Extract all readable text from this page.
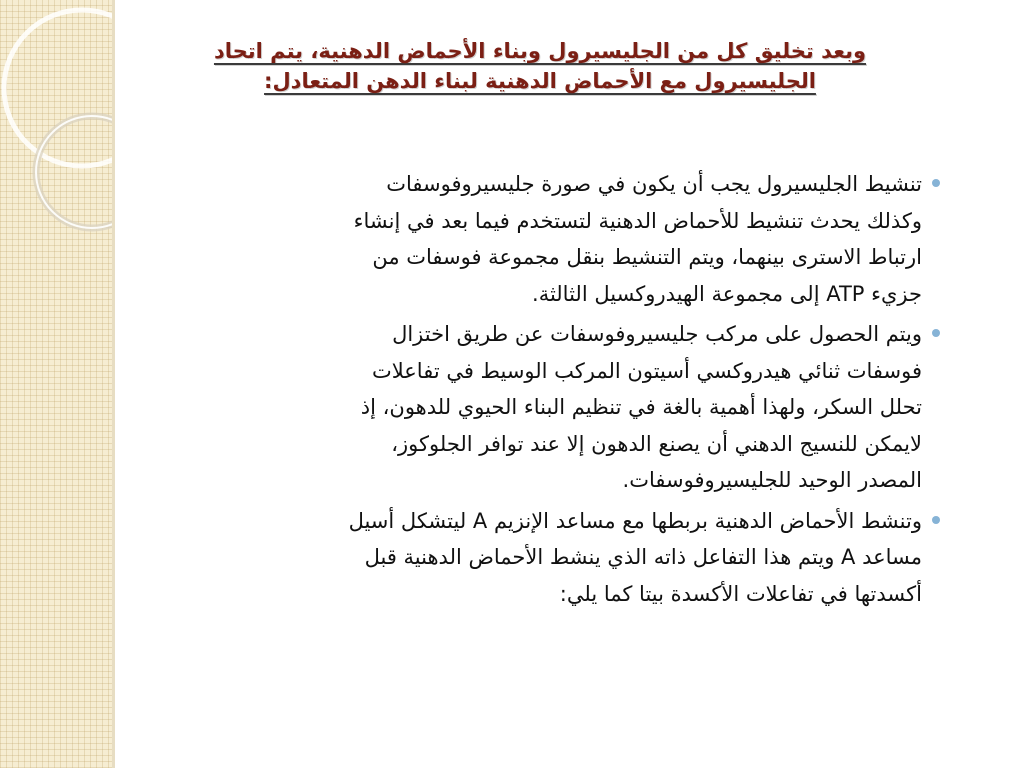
وبعد تخليق كل من الجليسيرول وبناء الأحماض الدهنية، يتم اتحاد
الجليسيرول مع الأحماض الدهنية لبناء الدهن المتعادل:
تنشيط الجليسيرول يجب أن يكون في صورة جليسيروفوسفات
وكذلك يحدث تنشيط للأحماض الدهنية لتستخدم فيما بعد في إنشاء
ارتباط الاسترى بينهما، ويتم التنشيط بنقل مجموعة فوسفات من
جزيء ATP إلى مجموعة الهيدروكسيل الثالثة.
ويتم الحصول على مركب جليسيروفوسفات عن طريق اختزال
فوسفات ثنائي هيدروكسي أسيتون المركب الوسيط في تفاعلات
تحلل السكر، ولهذا أهمية بالغة في تنظيم البناء الحيوي للدهون، إذ
لايمكن للنسيج الدهني أن يصنع الدهون إلا عند توافر الجلوكوز،
المصدر الوحيد للجليسيروفوسفات.
وتنشط الأحماض الدهنية بربطها مع مساعد الإنزيم A ليتشكل أسيل
مساعد A ويتم هذا التفاعل ذاته الذي ينشط الأحماض الدهنية قبل
أكسدتها في تفاعلات الأكسدة بيتا كما يلي:
